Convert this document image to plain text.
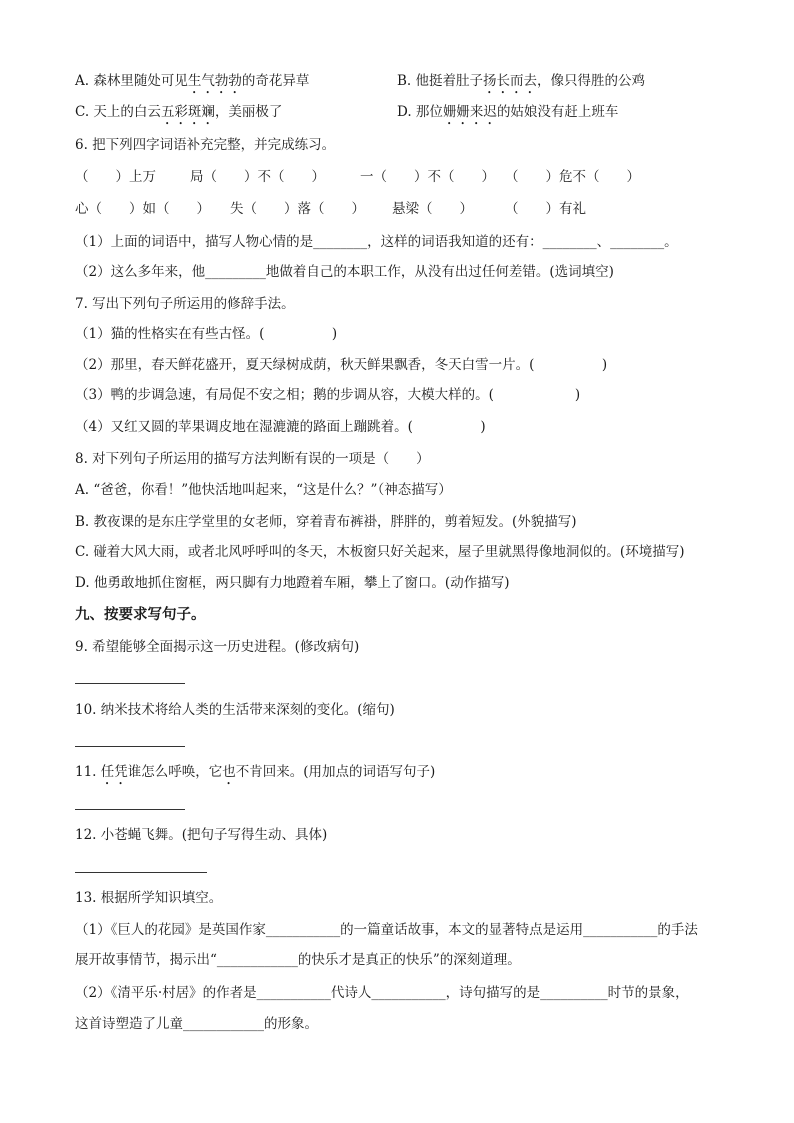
A. 森林里随处可见生气勃勃的奇花异草	B. 他挺着肚子扬长而去，像只得胜的公鸡
C. 天上的白云五彩斑斓，美丽极了	D. 那位姗姗来迟的姑娘没有赶上班车
6. 把下列四字词语补充完整，并完成练习。
（　　）上万	局（　　）不（　　）	一（　　）不（　　） （　　）危不（　　）
心（　　）如（　　） 失（　　）落（　　） 悬梁（　　） （　　）有礼
（1）上面的词语中，描写人物心情的是________，这样的词语我知道的还有：________、________。
（2）这么多年来，他_________地做着自己的本职工作，从没有出过任何差错。(选词填空)
7. 写出下列句子所运用的修辞手法。
（1）猫的性格实在有些古怪。(　　　　　)
（2）那里，春天鲜花盛开，夏天绿树成荫，秋天鲜果飘香，冬天白雪一片。(　　　　　)
（3）鸭的步调急速，有局促不安之相；鹅的步调从容，大模大样的。(　　　　　　)
（4）又红又圆的苹果调皮地在湿漉漉的路面上蹦跳着。(　　　　　)
8. 对下列句子所运用的描写方法判断有误的一项是（　　）
A. “爸爸，你看！”他快活地叫起来，“这是什么？”（神态描写）
B. 教夜课的是东庄学堂里的女老师，穿着青布裤褂，胖胖的，剪着短发。(外貌描写)
C. 碰着大风大雨，或者北风呼呼叫的冬天，木板窗只好关起来，屋子里就黑得像地洞似的。(环境描写)
D. 他勇敢地抓住窗框，两只脚有力地蹬着车厢，攀上了窗口。(动作描写)
九、按要求写句子。
9. 希望能够全面揭示这一历史进程。(修改病句)
10. 纳米技术将给人类的生活带来深刻的变化。(缩句)
11. 任凭谁怎么呼唤，它也不肯回来。(用加点的词语写句子)
12. 小苍蝇飞舞。(把句子写得生动、具体)
13. 根据所学知识填空。
（1）《巨人的花园》是英国作家___________的一篇童话故事，本文的显著特点是运用___________的手法
展开故事情节，揭示出“____________的快乐才是真正的快乐”的深刻道理。
（2）《清平乐·村居》的作者是___________代诗人___________，诗句描写的是__________时节的景象，
这首诗塑造了儿童____________的形象。
